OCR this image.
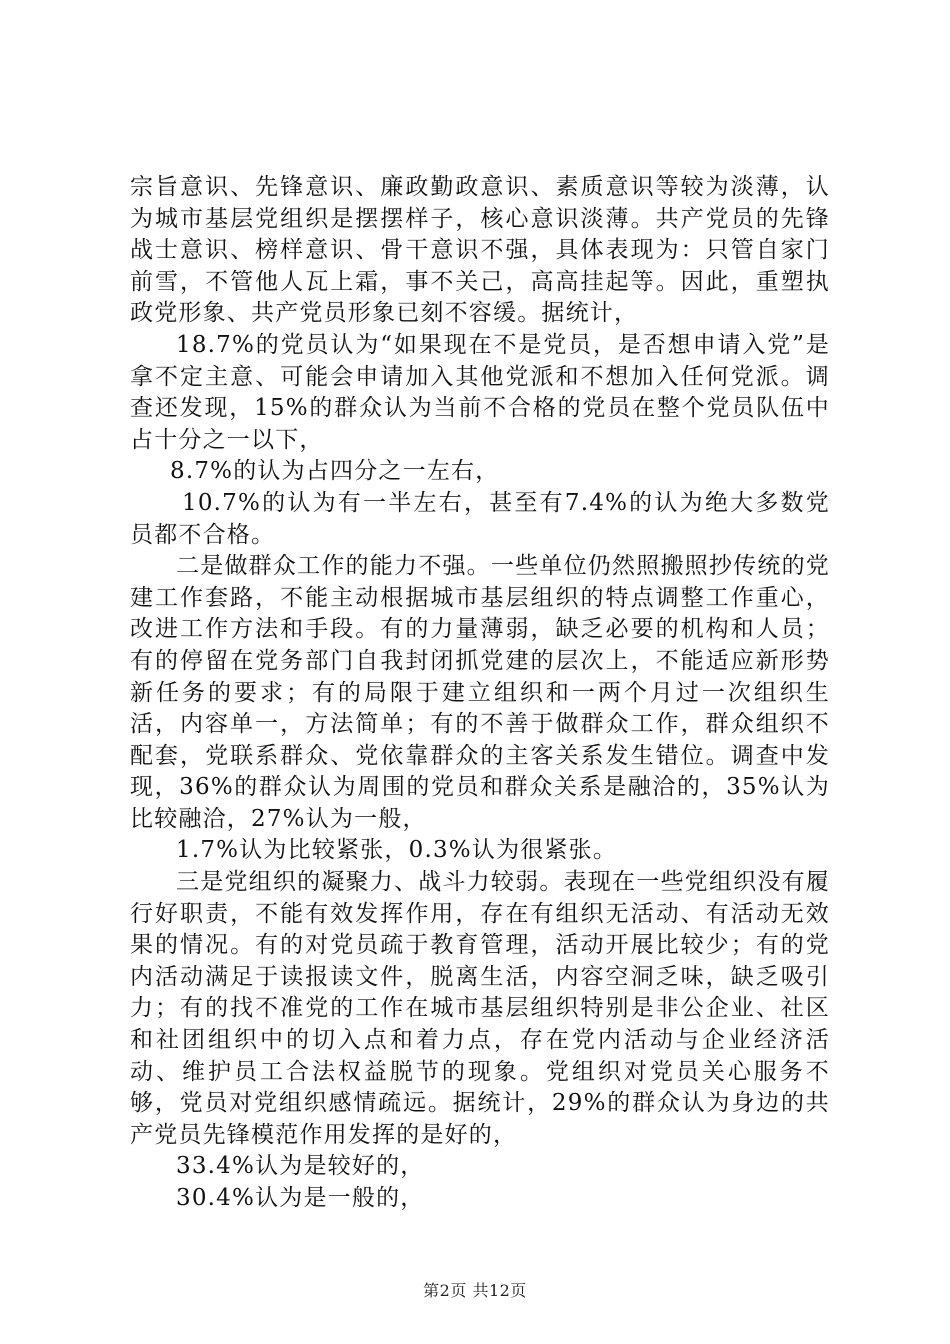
宗旨意识、先锋意识、廉政勤政意识、素质意识等较为淡薄，认为城市基层党组织是摆摆样子，核心意识淡薄。共产党员的先锋战士意识、榜样意识、骨干意识不强，具体表现为：只管自家门前雪，不管他人瓦上霜，事不关己，高高挂起等。因此，重塑执政党形象、共产党员形象已刻不容缓。据统计，

18.7%的党员认为“如果现在不是党员，是否想申请入党”是拿不定主意、可能会申请加入其他党派和不想加入任何党派。调查还发现，15%的群众认为当前不合格的党员在整个党员队伍中占十分之一以下，

8.7%的认为占四分之一左右，

10.7%的认为有一半左右，甚至有7.4%的认为绝大多数党员都不合格。

二是做群众工作的能力不强。一些单位仍然照搬照抄传统的党建工作套路，不能主动根据城市基层组织的特点调整工作重心，改进工作方法和手段。有的力量薄弱，缺乏必要的机构和人员；有的停留在党务部门自我封闭抓党建的层次上，不能适应新形势新任务的要求；有的局限于建立组织和一两个月过一次组织生活，内容单一，方法简单；有的不善于做群众工作，群众组织不配套，党联系群众、党依靠群众的主客关系发生错位。调查中发现，36%的群众认为周围的党员和群众关系是融洽的，35%认为比较融洽，27%认为一般，

1.7%认为比较紧张，0.3%认为很紧张。

三是党组织的凝聚力、战斗力较弱。表现在一些党组织没有履行好职责，不能有效发挥作用，存在有组织无活动、有活动无效果的情况。有的对党员疏于教育管理，活动开展比较少；有的党内活动满足于读报读文件，脱离生活，内容空洞乏味，缺乏吸引力；有的找不准党的工作在城市基层组织特别是非公企业、社区和社团组织中的切入点和着力点，存在党内活动与企业经济活动、维护员工合法权益脱节的现象。党组织对党员关心服务不够，党员对党组织感情疏远。据统计，29%的群众认为身边的共产党员先锋模范作用发挥的是好的，

33.4%认为是较好的，

30.4%认为是一般的，

第2页 共12页
